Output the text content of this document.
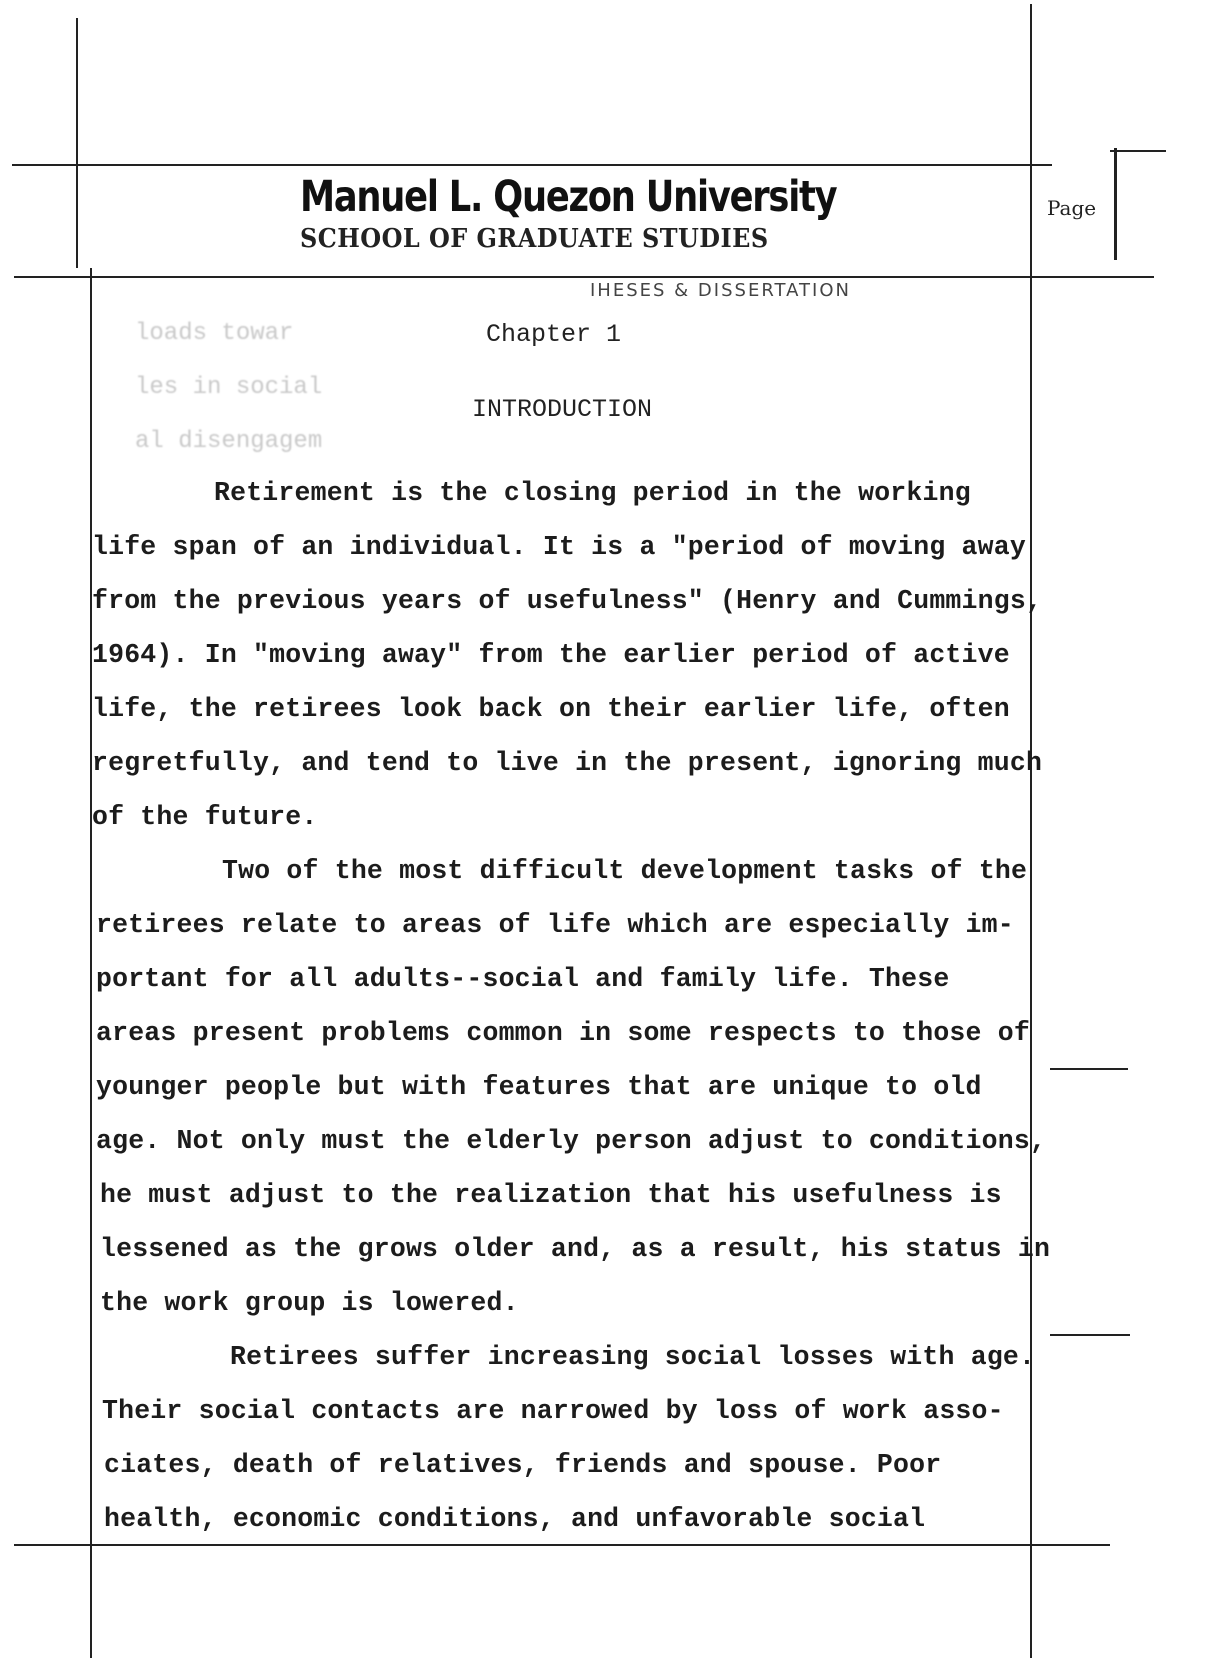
Manuel L. Quezon University
SCHOOL OF GRADUATE STUDIES
Page
IHESES & DISSERTATION
loads towar
les in social
al disengagem
Chapter 1
INTRODUCTION
Retirement is the closing period in the working
life span of an individual. It is a "period of moving away
from the previous years of usefulness" (Henry and Cummings,
1964). In "moving away" from the earlier period of active
life, the retirees look back on their earlier life, often
regretfully, and tend to live in the present, ignoring much
of the future.
Two of the most difficult development tasks of the
retirees relate to areas of life which are especially im-
portant for all adults--social and family life. These
areas present problems common in some respects to those of
younger people but with features that are unique to old
age. Not only must the elderly person adjust to conditions,
he must adjust to the realization that his usefulness is
lessened as the grows older and, as a result, his status in
the work group is lowered.
Retirees suffer increasing social losses with age.
Their social contacts are narrowed by loss of work asso-
ciates, death of relatives, friends and spouse. Poor
health, economic conditions, and unfavorable social
